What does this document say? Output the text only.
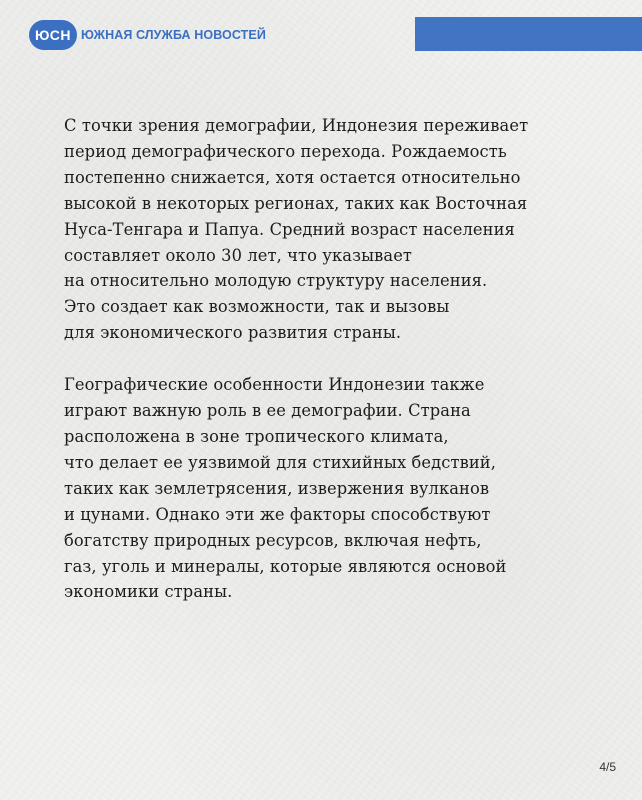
ЮСН ЮЖНАЯ СЛУЖБА НОВОСТЕЙ

С точки зрения демографии, Индонезия переживает
период демографического перехода. Рождаемость
постепенно снижается, хотя остается относительно
высокой в некоторых регионах, таких как Восточная
Нуса-Тенгара и Папуа. Средний возраст населения
составляет около 30 лет, что указывает
на относительно молодую структуру населения.
Это создает как возможности, так и вызовы
для экономического развития страны.

Географические особенности Индонезии также
играют важную роль в ее демографии. Страна
расположена в зоне тропического климата,
что делает ее уязвимой для стихийных бедствий,
таких как землетрясения, извержения вулканов
и цунами. Однако эти же факторы способствуют
богатству природных ресурсов, включая нефть,
газ, уголь и минералы, которые являются основой
экономики страны.

4/5
